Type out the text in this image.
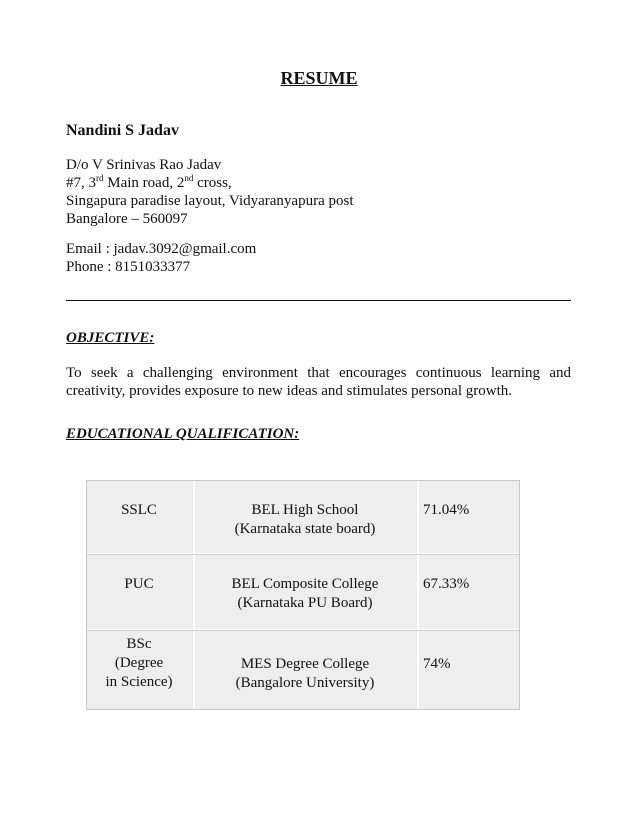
RESUME
Nandini S Jadav
D/o V Srinivas Rao Jadav
#7, 3rd Main road, 2nd cross,
Singapura paradise layout, Vidyaranyapura post
Bangalore – 560097
Email : jadav.3092@gmail.com
Phone : 8151033377
OBJECTIVE:
To seek a challenging environment that encourages continuous learning and creativity, provides exposure to new ideas and stimulates personal growth.
EDUCATIONAL QUALIFICATION:
SSLC	BEL High School
(Karnataka state board)
71.04%
PUC	BEL Composite College
(Karnataka PU Board)
67.33%
BSc
(Degree
in Science)
MES Degree College
(Bangalore University)
74%
